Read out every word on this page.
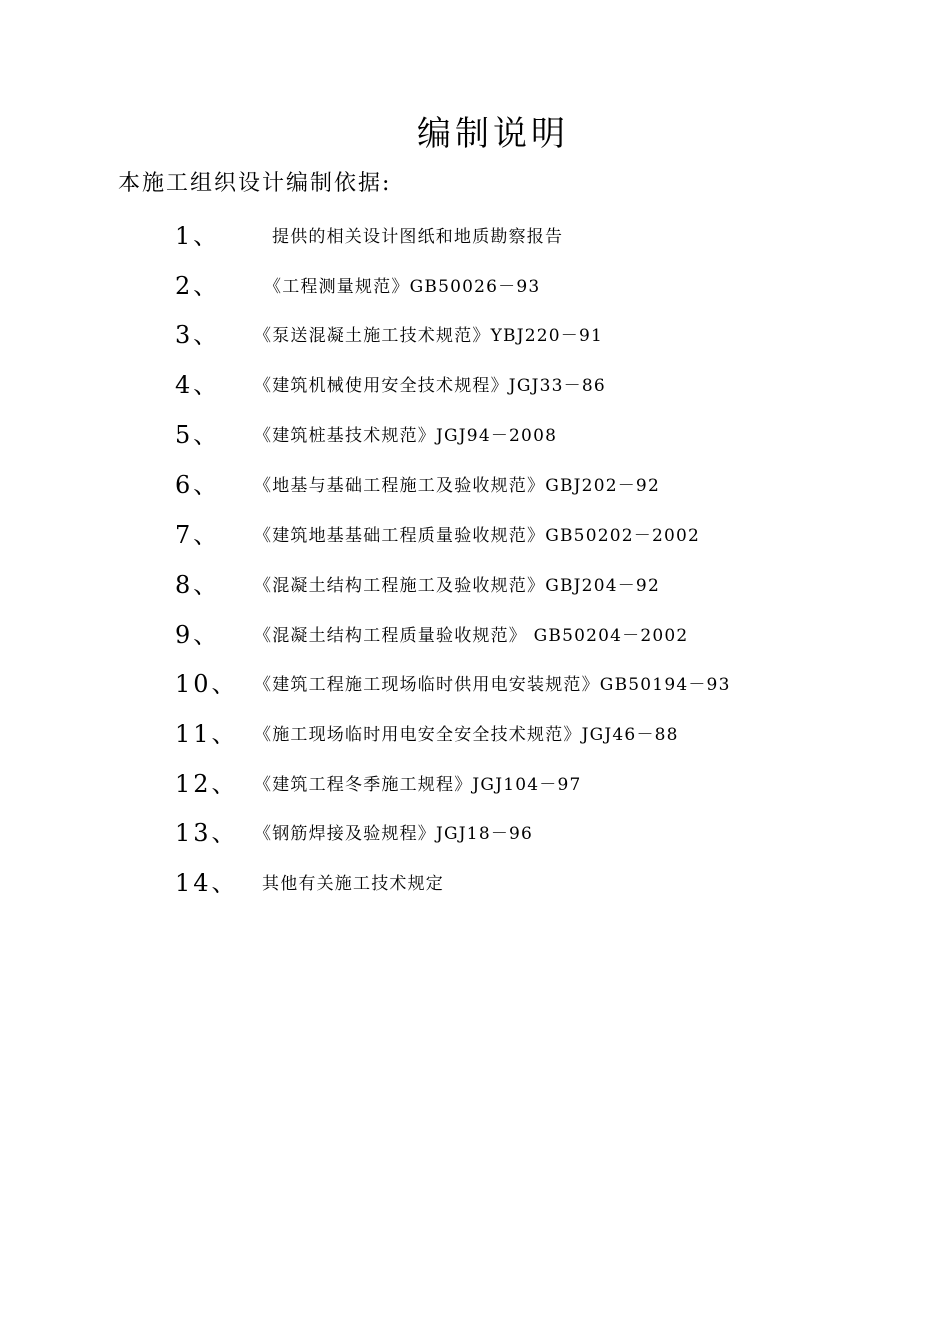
编制说明
本施工组织设计编制依据:
1、	提供的相关设计图纸和地质勘察报告
2、	《工程测量规范》GB50026－93
3、 《泵送混凝土施工技术规范》YBJ220－91
4、 《建筑机械使用安全技术规程》JGJ33－86
5、 《建筑桩基技术规范》JGJ94－2008
6、 《地基与基础工程施工及验收规范》GBJ202－92
7、 《建筑地基基础工程质量验收规范》GB50202－2002
8、 《混凝土结构工程施工及验收规范》GBJ204－92
9、 《混凝土结构工程质量验收规范》 GB50204－2002
10、 《建筑工程施工现场临时供用电安装规范》GB50194－93
11、 《施工现场临时用电安全安全技术规范》JGJ46－88
12、 《建筑工程冬季施工规程》JGJ104－97
13、 《钢筋焊接及验规程》JGJ18－96
14、 其他有关施工技术规定
